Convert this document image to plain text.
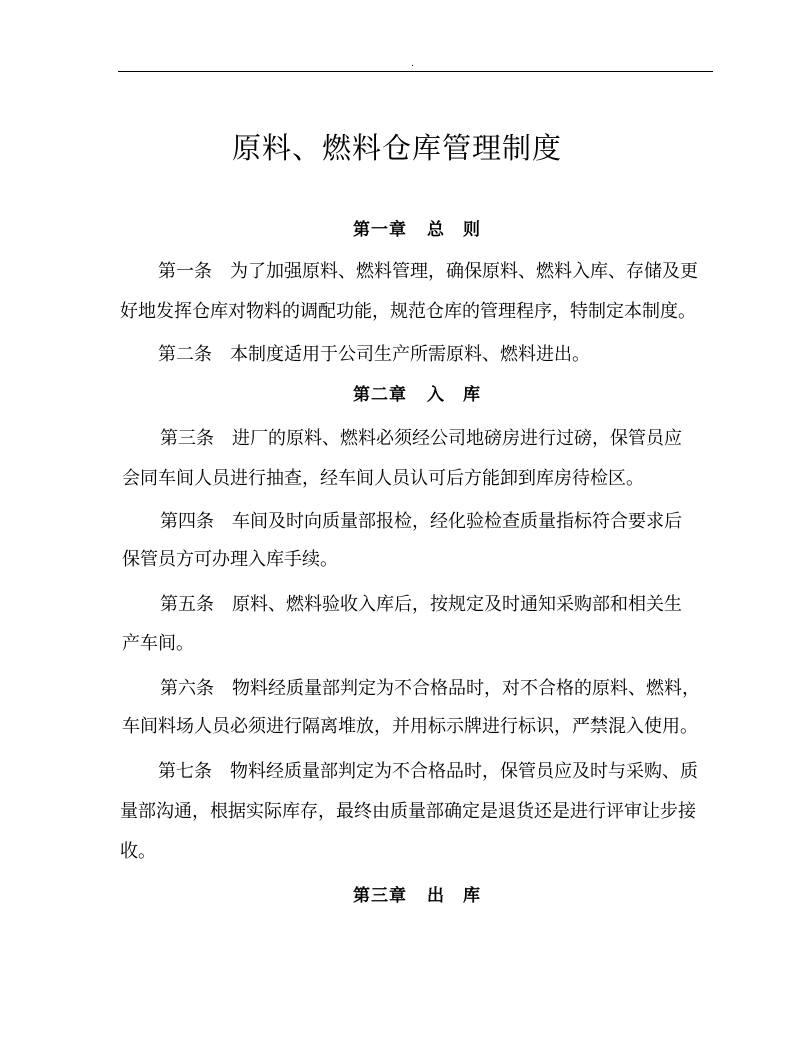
.
原料、燃料仓库管理制度
第一章 总　则
第一条 为了加强原料、燃料管理，确保原料、燃料入库、存储及更
好地发挥仓库对物料的调配功能，规范仓库的管理程序，特制定本制度。
第二条 本制度适用于公司生产所需原料、燃料进出。
第二章 入　库
第三条 进厂的原料、燃料必须经公司地磅房进行过磅，保管员应
会同车间人员进行抽查，经车间人员认可后方能卸到库房待检区。
第四条 车间及时向质量部报检，经化验检查质量指标符合要求后
保管员方可办理入库手续。
第五条 原料、燃料验收入库后，按规定及时通知采购部和相关生
产车间。
第六条 物料经质量部判定为不合格品时，对不合格的原料、燃料，
车间料场人员必须进行隔离堆放，并用标示牌进行标识，严禁混入使用。
第七条 物料经质量部判定为不合格品时，保管员应及时与采购、质
量部沟通，根据实际库存，最终由质量部确定是退货还是进行评审让步接
收。
第三章 出　库
